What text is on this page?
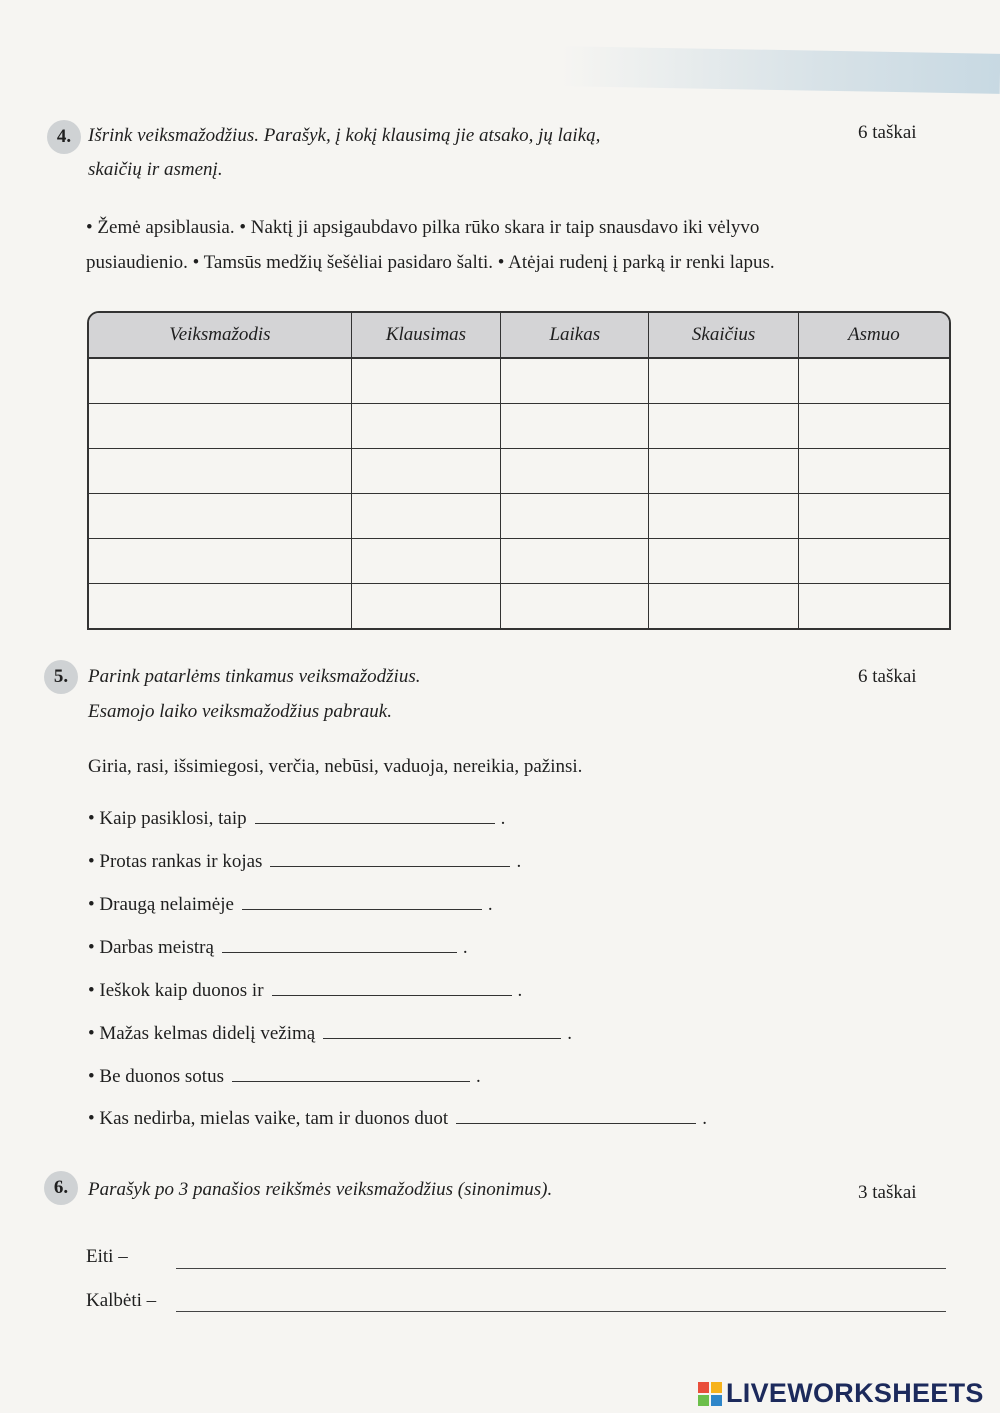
4. Išrink veiksmažodžius. Parašyk, į kokį klausimą jie atsako, jų laiką,
skaičių ir asmenį.
6 taškai
• Žemė apsiblausia. • Naktį ji apsigaubdavo pilka rūko skara ir taip snausdavo iki vėlyvo
pusiaudienio. • Tamsūs medžių šešėliai pasidaro šalti. • Atėjai rudenį į parką ir renki lapus.
Veiksmažodis	Klausimas	Laikas	Skaičius	Asmuo

5.	Parink patarlėms tinkamus veiksmažodžius.
Esamojo laiko veiksmažodžius pabrauk.
6 taškai
Giria, rasi, išsimiegosi, verčia, nebūsi, vaduoja, nereikia, pažinsi.
• Kaip pasiklosi, taip	.
• Protas rankas ir kojas	.
• Draugą nelaimėje	.
• Darbas meistrą	.
• Ieškok kaip duonos ir	.
• Mažas kelmas didelį vežimą	.
• Be duonos sotus	.
• Kas nedirba, mielas vaike, tam ir duonos duot	.
6.	Parašyk po 3 panašios reikšmės veiksmažodžius (sinonimus).	3 taškai
Eiti –
Kalbėti –
LIVEWORKSHEETS
